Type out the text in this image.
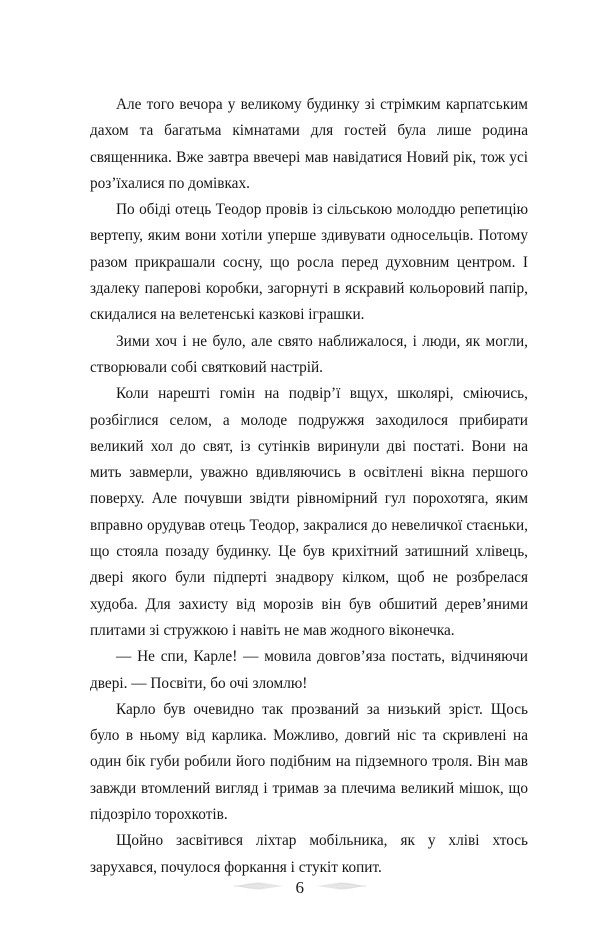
Але того вечора у великому будинку зі стрімким карпатським дахом та багатьма кімнатами для гостей була лише родина священника. Вже завтра ввечері мав навідатися Новий рік, тож усі роз’їхалися по домівках.

По обіді отець Теодор провів із сільською молоддю репетицію вертепу, яким вони хотіли уперше здивувати односельців. Потому разом прикрашали сосну, що росла перед духовним центром. І здалеку паперові коробки, загорнуті в яскравий кольоровий папір, скидалися на велетенські казкові іграшки.

Зими хоч і не було, але свято наближалося, і люди, як могли, створювали собі святковий настрій.

Коли нарешті гомін на подвір’ї вщух, школярі, сміючись, розбіглися селом, а молоде подружжя заходилося прибирати великий хол до свят, із сутінків виринули дві постаті. Вони на мить завмерли, уважно вдивляючись в освітлені вікна першого поверху. Але почувши звідти рівномірний гул порохотяга, яким вправно орудував отець Теодор, закралися до невеличкої стаєньки, що стояла позаду будинку. Це був крихітний затишний хлівець, двері якого були підперті знадвору кілком, щоб не розбрелася худоба. Для захисту від морозів він був обшитий дерев’яними плитами зі стружкою і навіть не мав жодного віконечка.

— Не спи, Карле! — мовила довгов’яза постать, відчиняючи двері. — Посвіти, бо очі зломлю!

Карло був очевидно так прозваний за низький зріст. Щось було в ньому від карлика. Можливо, довгий ніс та скривлені на один бік губи робили його подібним на підземного троля. Він мав завжди втомлений вигляд і тримав за плечима великий мішок, що підозріло торохкотів.

Щойно засвітився ліхтар мобільника, як у хліві хтось зарухався, почулося форкання і стукіт копит.

6
